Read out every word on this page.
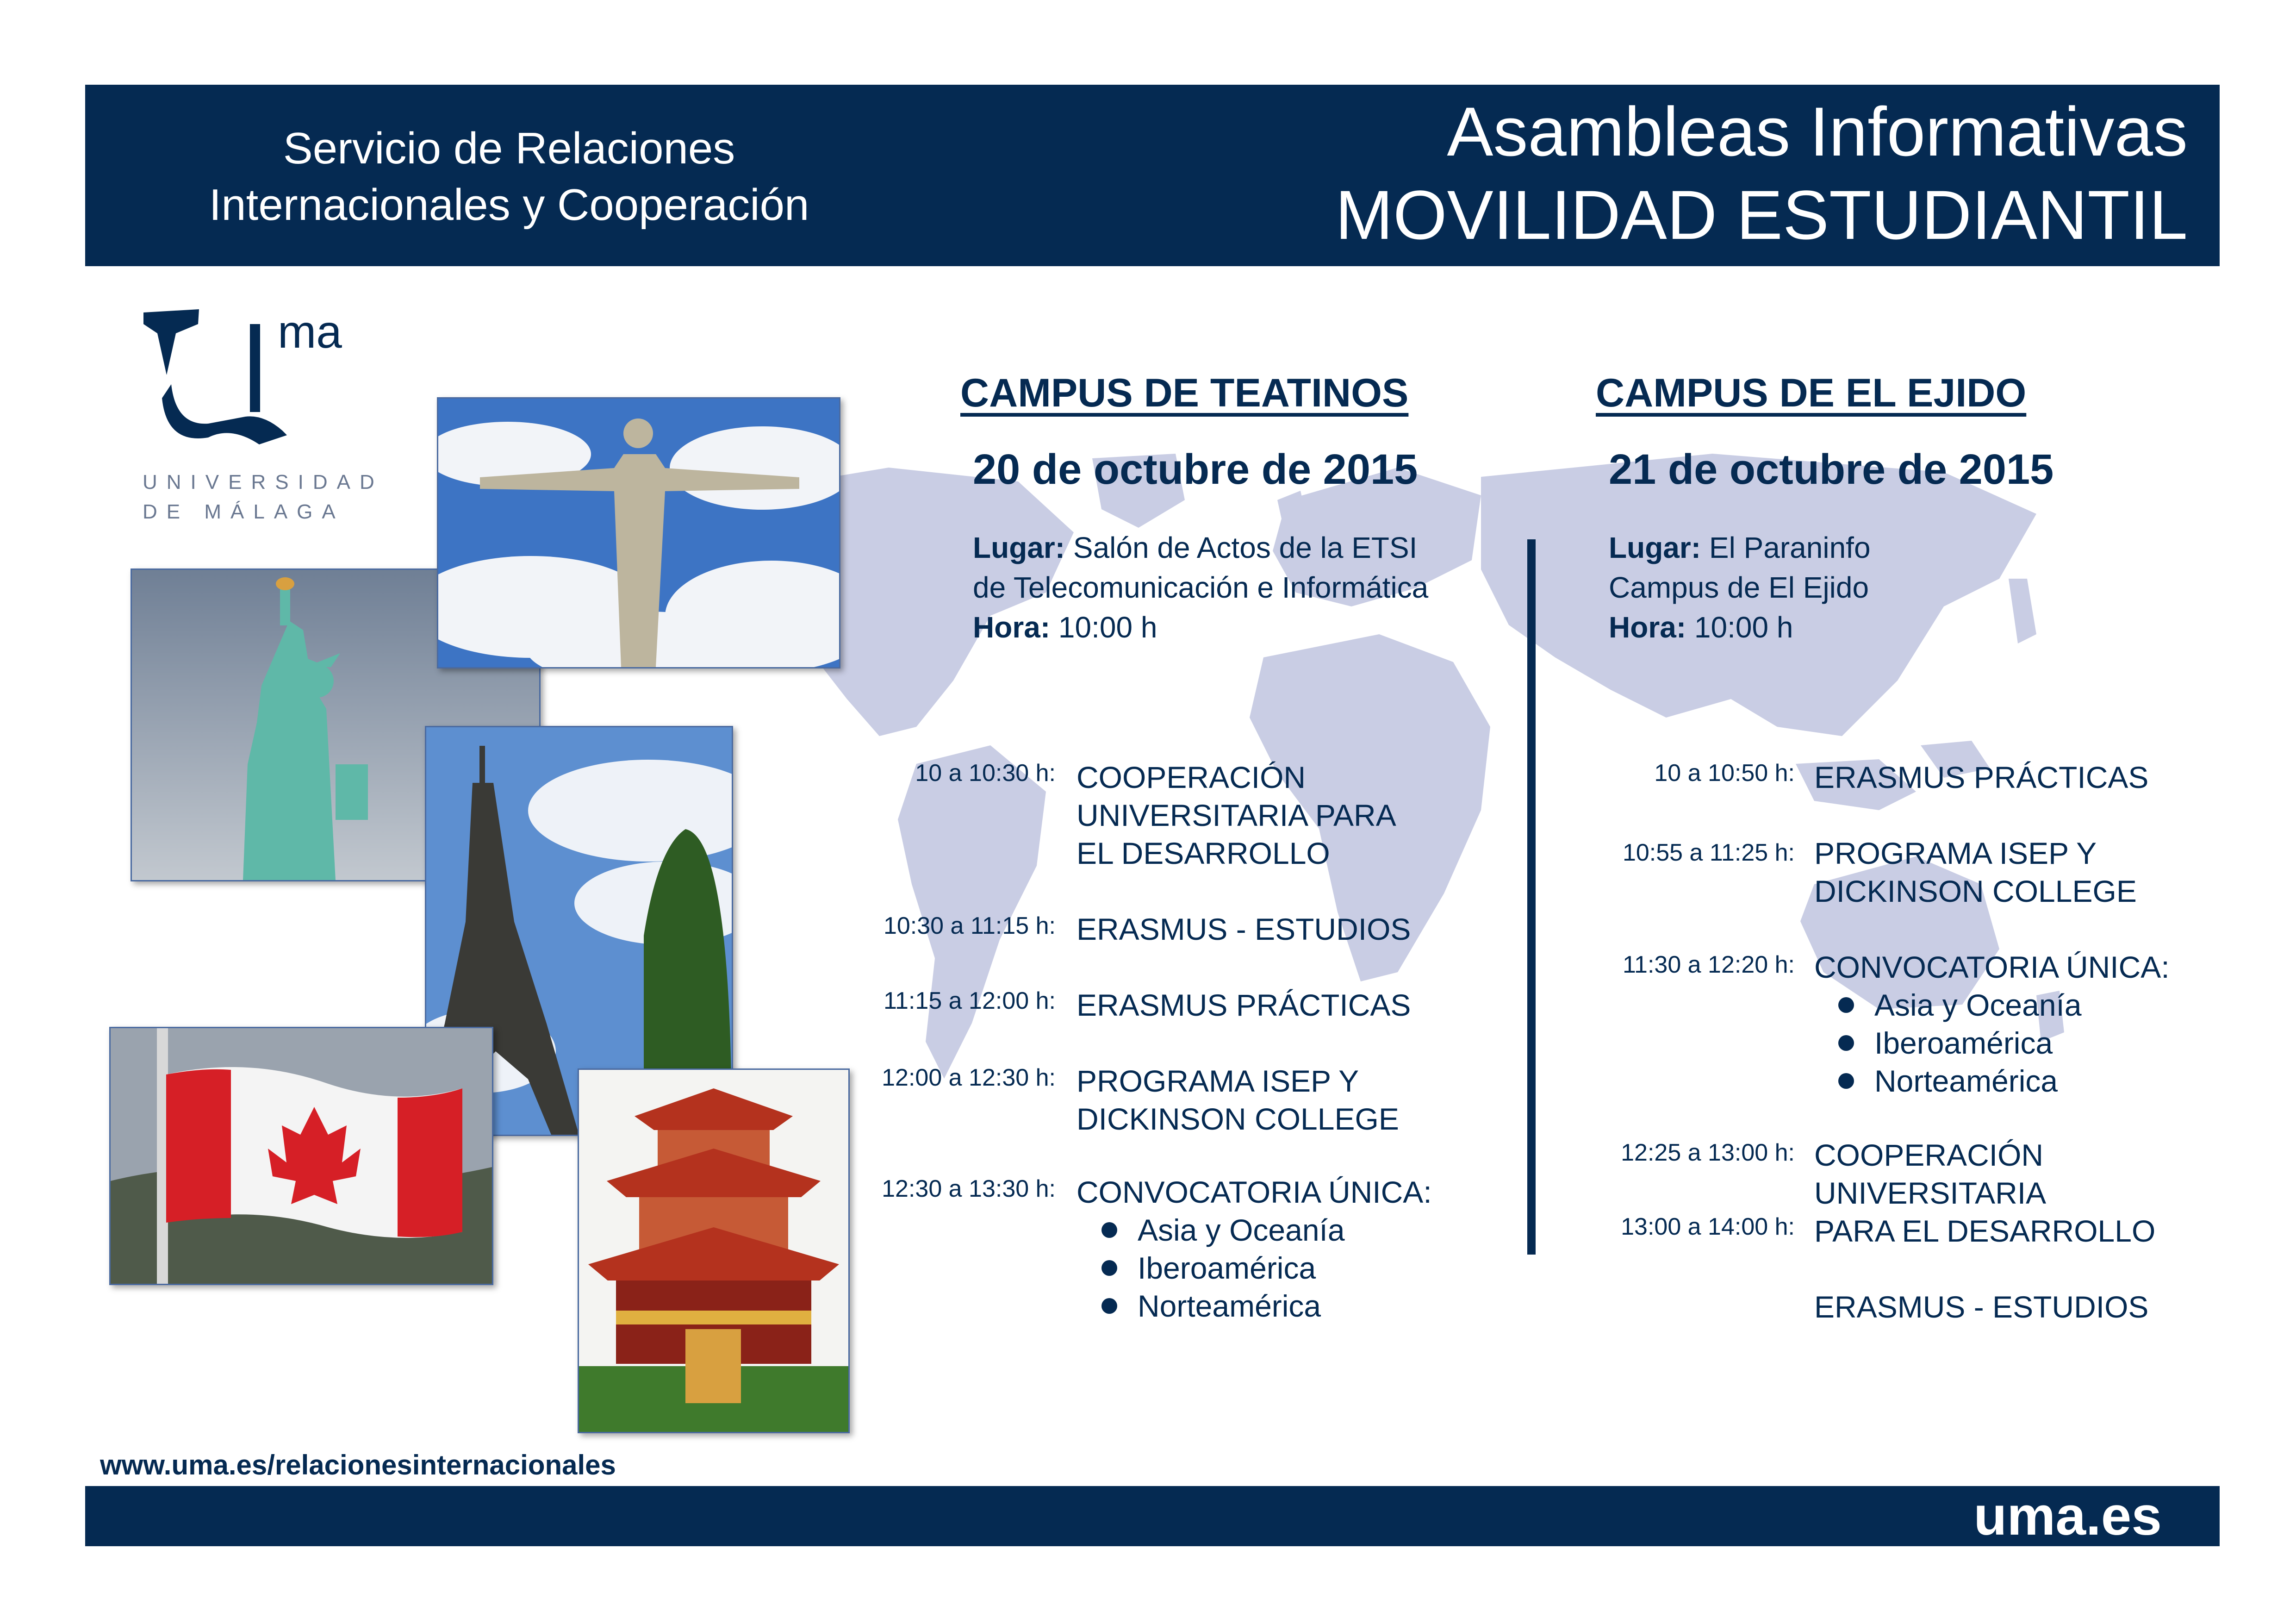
Servicio de Relaciones
Internacionales y Cooperación
Asambleas Informativas
MOVILIDAD ESTUDIANTIL
ma
UNIVERSIDAD
DE MÁLAGA
CAMPUS DE TEATINOS
20 de octubre de 2015
Lugar: Salón de Actos de la ETSI
de Telecomunicación e Informática
Hora: 10:00 h
10 a 10:30 h: COOPERACIÓN
UNIVERSITARIA PARA
EL DESARROLLO
10:30 a 11:15 h: ERASMUS - ESTUDIOS
11:15 a 12:00 h: ERASMUS PRÁCTICAS
12:00 a 12:30 h: PROGRAMA ISEP Y
DICKINSON COLLEGE
12:30 a 13:30 h: CONVOCATORIA ÚNICA:
Asia y Oceanía
Iberoamérica
Norteamérica
CAMPUS DE EL EJIDO
21 de octubre de 2015
Lugar: El Paraninfo
Campus de El Ejido
Hora: 10:00 h
10 a 10:50 h: ERASMUS PRÁCTICAS
10:55 a 11:25 h: PROGRAMA ISEP Y
DICKINSON COLLEGE
11:30 a 12:20 h: CONVOCATORIA ÚNICA:
Asia y Oceanía
Iberoamérica
Norteamérica
12:25 a 13:00 h: COOPERACIÓN
UNIVERSITARIA
13:00 a 14:00 h: PARA EL DESARROLLO
ERASMUS - ESTUDIOS
www.uma.es/relacionesinternacionales
uma.es
